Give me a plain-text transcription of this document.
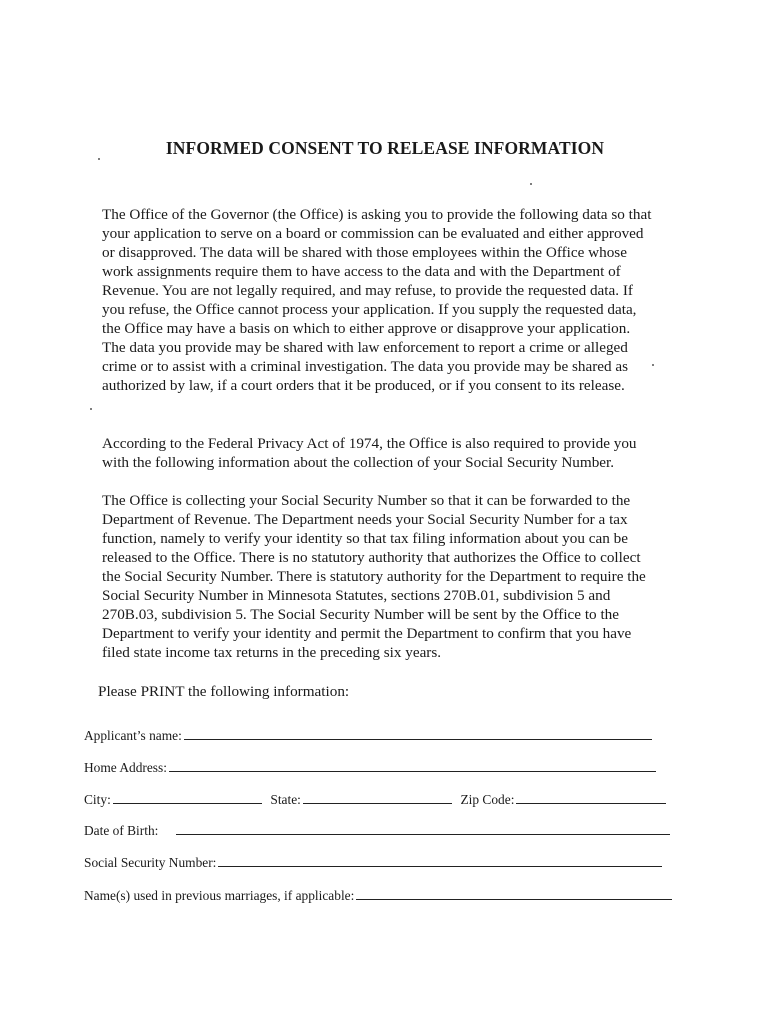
INFORMED CONSENT TO RELEASE INFORMATION

The Office of the Governor (the Office) is asking you to provide the following data so that your application to serve on a board or commission can be evaluated and either approved or disapproved. The data will be shared with those employees within the Office whose work assignments require them to have access to the data and with the Department of Revenue. You are not legally required, and may refuse, to provide the requested data. If you refuse, the Office cannot process your application. If you supply the requested data, the Office may have a basis on which to either approve or disapprove your application. The data you provide may be shared with law enforcement to report a crime or alleged crime or to assist with a criminal investigation. The data you provide may be shared as authorized by law, if a court orders that it be produced, or if you consent to its release.

According to the Federal Privacy Act of 1974, the Office is also required to provide you with the following information about the collection of your Social Security Number.

The Office is collecting your Social Security Number so that it can be forwarded to the Department of Revenue. The Department needs your Social Security Number for a tax function, namely to verify your identity so that tax filing information about you can be released to the Office. There is no statutory authority that authorizes the Office to collect the Social Security Number. There is statutory authority for the Department to require the Social Security Number in Minnesota Statutes, sections 270B.01, subdivision 5 and 270B.03, subdivision 5. The Social Security Number will be sent by the Office to the Department to verify your identity and permit the Department to confirm that you have filed state income tax returns in the preceding six years.

Please PRINT the following information:

Applicant’s name:
Home Address:
City:	State:	Zip Code:
Date of Birth:
Social Security Number:
Name(s) used in previous marriages, if applicable:
